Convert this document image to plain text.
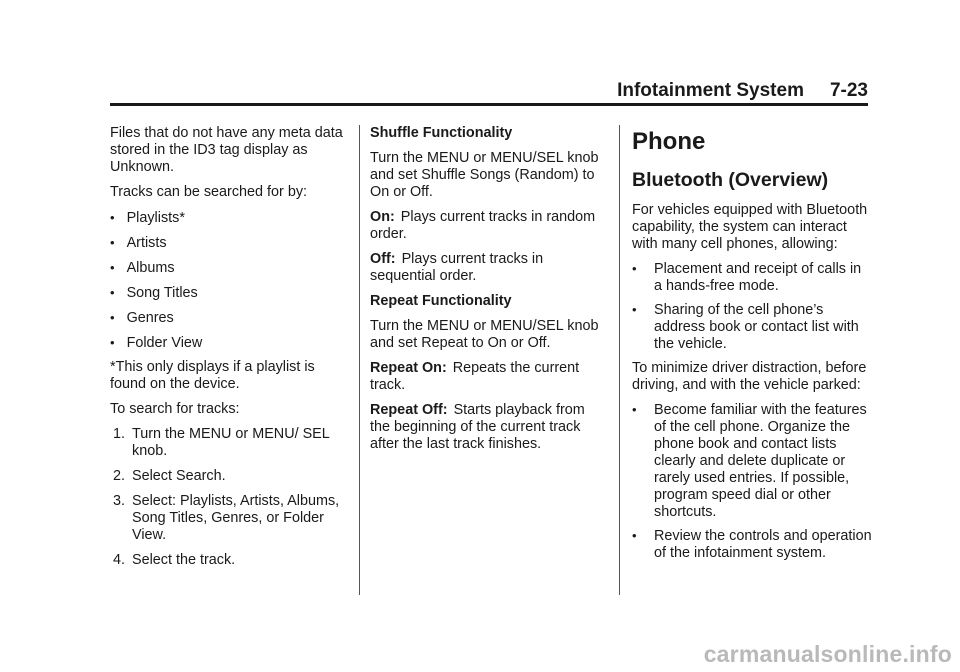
Infotainment System 7-23

Files that do not have any meta data stored in the ID3 tag display as Unknown.

Tracks can be searched for by:

• Playlists*
• Artists
• Albums
• Song Titles
• Genres
• Folder View

*This only displays if a playlist is found on the device.

To search for tracks:

1. Turn the MENU or MENU/ SEL knob.
2. Select Search.
3. Select: Playlists, Artists, Albums, Song Titles, Genres, or Folder View.
4. Select the track.

Shuffle Functionality

Turn the MENU or MENU/SEL knob and set Shuffle Songs (Random) to On or Off.

On: Plays current tracks in random order.

Off: Plays current tracks in sequential order.

Repeat Functionality

Turn the MENU or MENU/SEL knob and set Repeat to On or Off.

Repeat On: Repeats the current track.

Repeat Off: Starts playback from the beginning of the current track after the last track finishes.

Phone
Bluetooth (Overview)

For vehicles equipped with Bluetooth capability, the system can interact with many cell phones, allowing:

• Placement and receipt of calls in a hands-free mode.
• Sharing of the cell phone’s address book or contact list with the vehicle.

To minimize driver distraction, before driving, and with the vehicle parked:

• Become familiar with the features of the cell phone. Organize the phone book and contact lists clearly and delete duplicate or rarely used entries. If possible, program speed dial or other shortcuts.
• Review the controls and operation of the infotainment system.
carmanualsonline.info
